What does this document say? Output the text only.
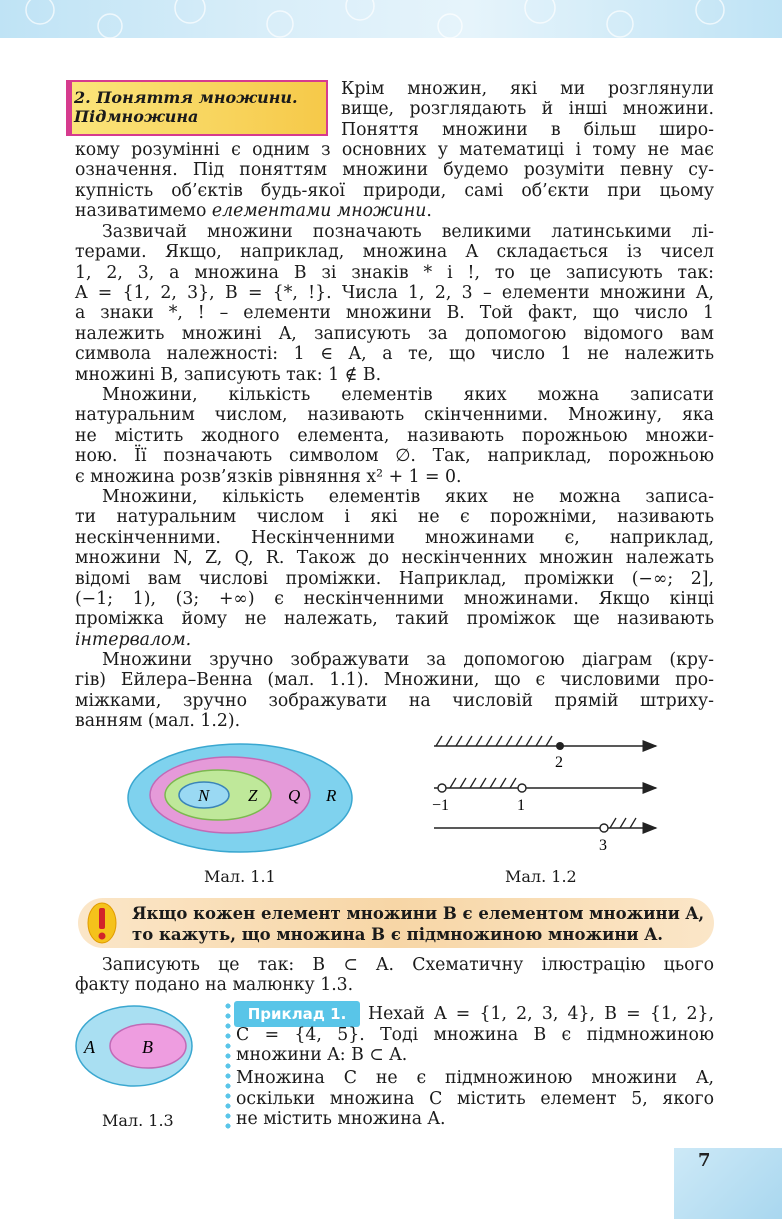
2. Поняття множини.
Підмножина
Крім множин, які ми розглянули
вище, розглядають й інші множини.
Поняття множини в більш широ-
кому розумінні є одним з основних у математиці і тому не має
означення. Під поняттям множини будемо розуміти певну су-
купність об’єктів будь-якої природи, самі об’єкти при цьому
називатимемо елементами множини.
Зазвичай множини позначають великими латинськими лі-
терами. Якщо, наприклад, множина A складається із чисел
1, 2, 3, а множина B зі знаків * і !, то це записують так:
A = {1, 2, 3}, B = {*, !}. Числа 1, 2, 3 – елементи множини A,
а знаки *, ! – елементи множини B. Той факт, що число 1
належить множині A, записують за допомогою відомого вам
символа належності: 1 ∈ A, а те, що число 1 не належить
множині B, записують так: 1 ∉ B.
Множини, кількість елементів яких можна записати
натуральним числом, називають скінченними. Множину, яка
не містить жодного елемента, називають порожньою множи-
ною. Її позначають символом ∅. Так, наприклад, порожньою
є множина розв’язків рівняння x² + 1 = 0.
Множини, кількість елементів яких не можна записа-
ти натуральним числом і які не є порожніми, називають
нескінченними. Нескінченними множинами є, наприклад,
множини N, Z, Q, R. Також до нескінченних множин належать
відомі вам числові проміжки. Наприклад, проміжки (−∞; 2],
(−1; 1), (3; +∞) є нескінченними множинами. Якщо кінці
проміжка йому не належать, такий проміжок ще називають
інтервалом.
Множини зручно зображувати за допомогою діаграм (кру-
гів) Ейлера–Венна (мал. 1.1). Множини, що є числовими про-
міжками, зручно зображувати на числовій прямій штриху-
ванням (мал. 1.2).
N Z Q R
Мал. 1.1
2
−1	1
3
Мал. 1.2
Якщо кожен елемент множини B є елементом множини A,
то кажуть, що множина B є підмножиною множини A.
Записують це так: B ⊂ A. Схематичну ілюстрацію цього
факту подано на малюнку 1.3.
A	B
Мал. 1.3
Приклад 1.	Нехай A = {1, 2, 3, 4}, B = {1, 2},
C = {4, 5}. Тоді множина B є підмножиною
множини A: B ⊂ A.
Множина C не є підмножиною множини A,
оскільки множина C містить елемент 5, якого
не містить множина A.
7
